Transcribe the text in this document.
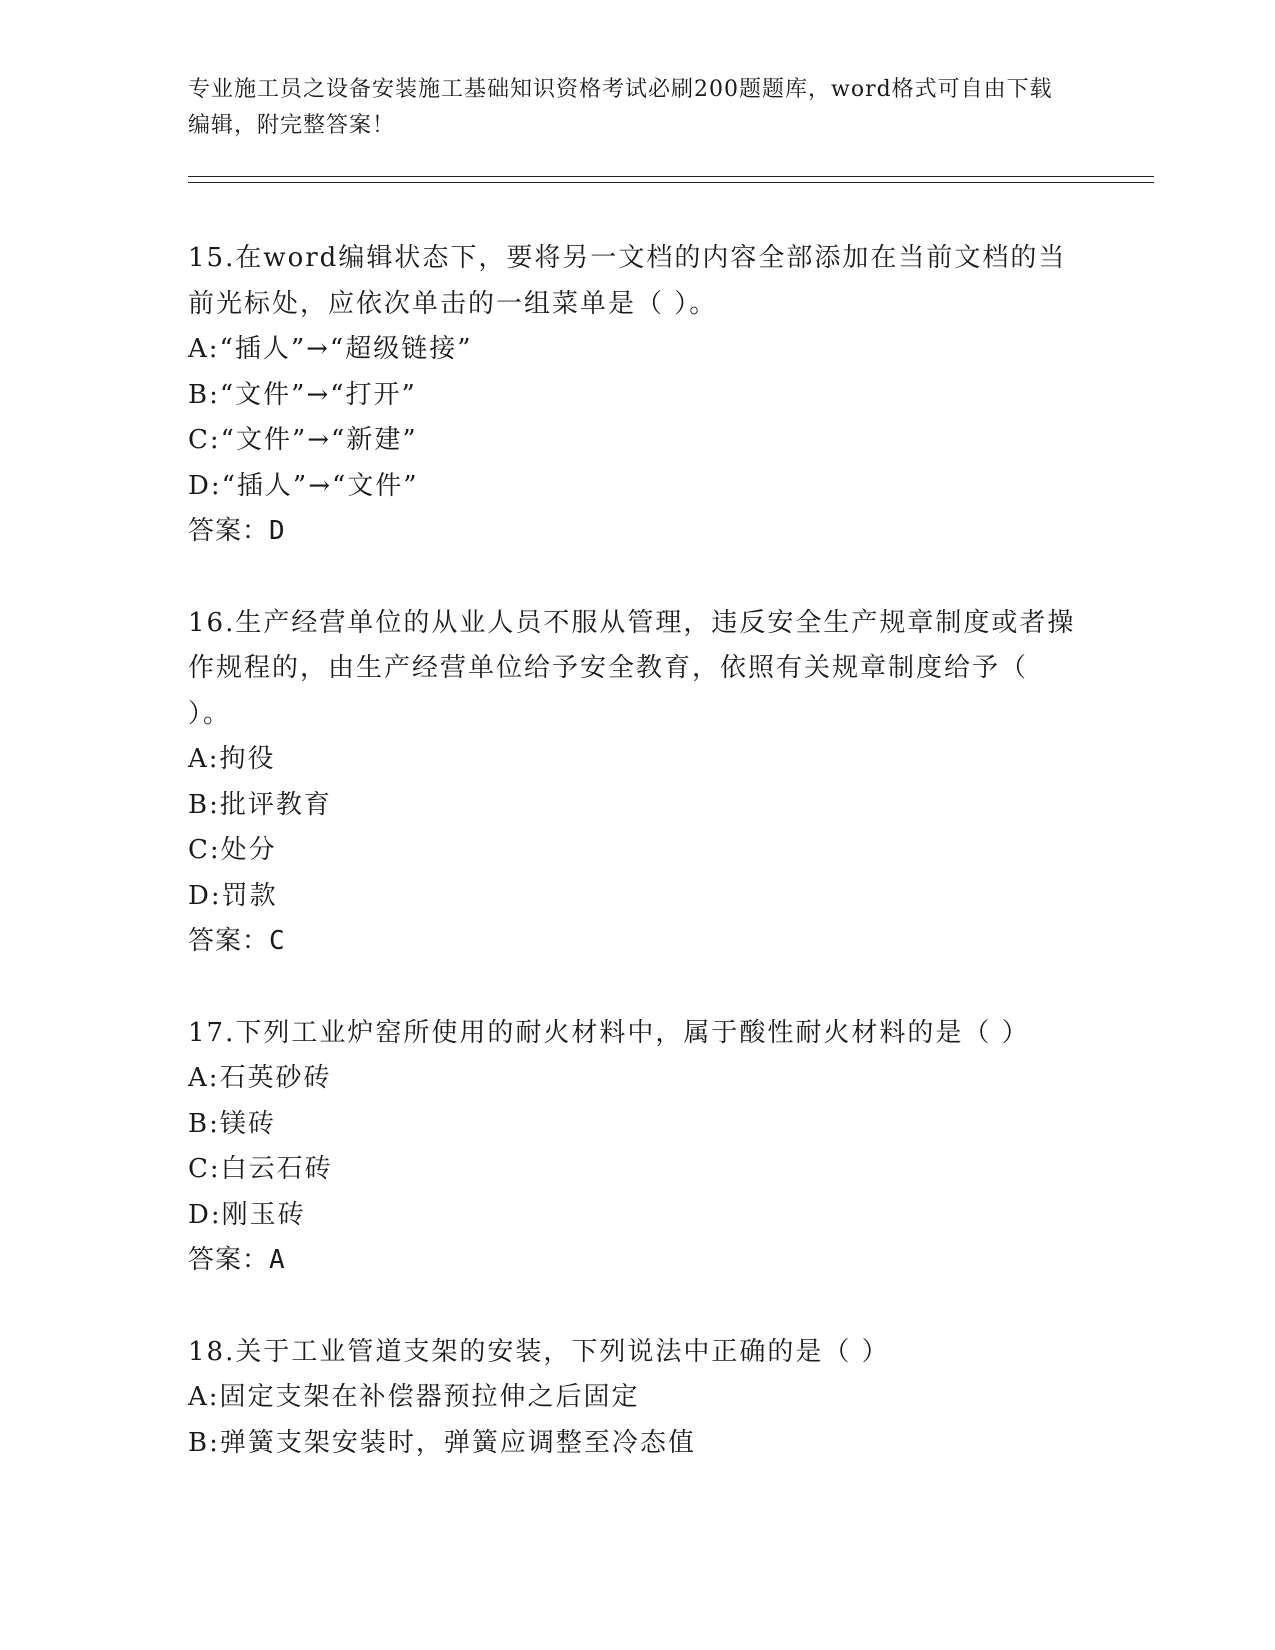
专业施工员之设备安装施工基础知识资格考试必刷200题题库，word格式可自由下载编辑，附完整答案！
15.在word编辑状态下，要将另一文档的内容全部添加在当前文档的当前光标处，应依次单击的一组菜单是（ ）。
A:“插人”→“超级链接”
B:“文件”→“打开”
C:“文件”→“新建”
D:“插人”→“文件”
答案：D
16.生产经营单位的从业人员不服从管理，违反安全生产规章制度或者操作规程的，由生产经营单位给予安全教育，依照有关规章制度给予（ ）。
A:拘役
B:批评教育
C:处分
D:罚款
答案：C
17.下列工业炉窑所使用的耐火材料中，属于酸性耐火材料的是（ ）
A:石英砂砖
B:镁砖
C:白云石砖
D:刚玉砖
答案：A
18.关于工业管道支架的安装，下列说法中正确的是（ ）
A:固定支架在补偿器预拉伸之后固定
B:弹簧支架安装时，弹簧应调整至冷态值
